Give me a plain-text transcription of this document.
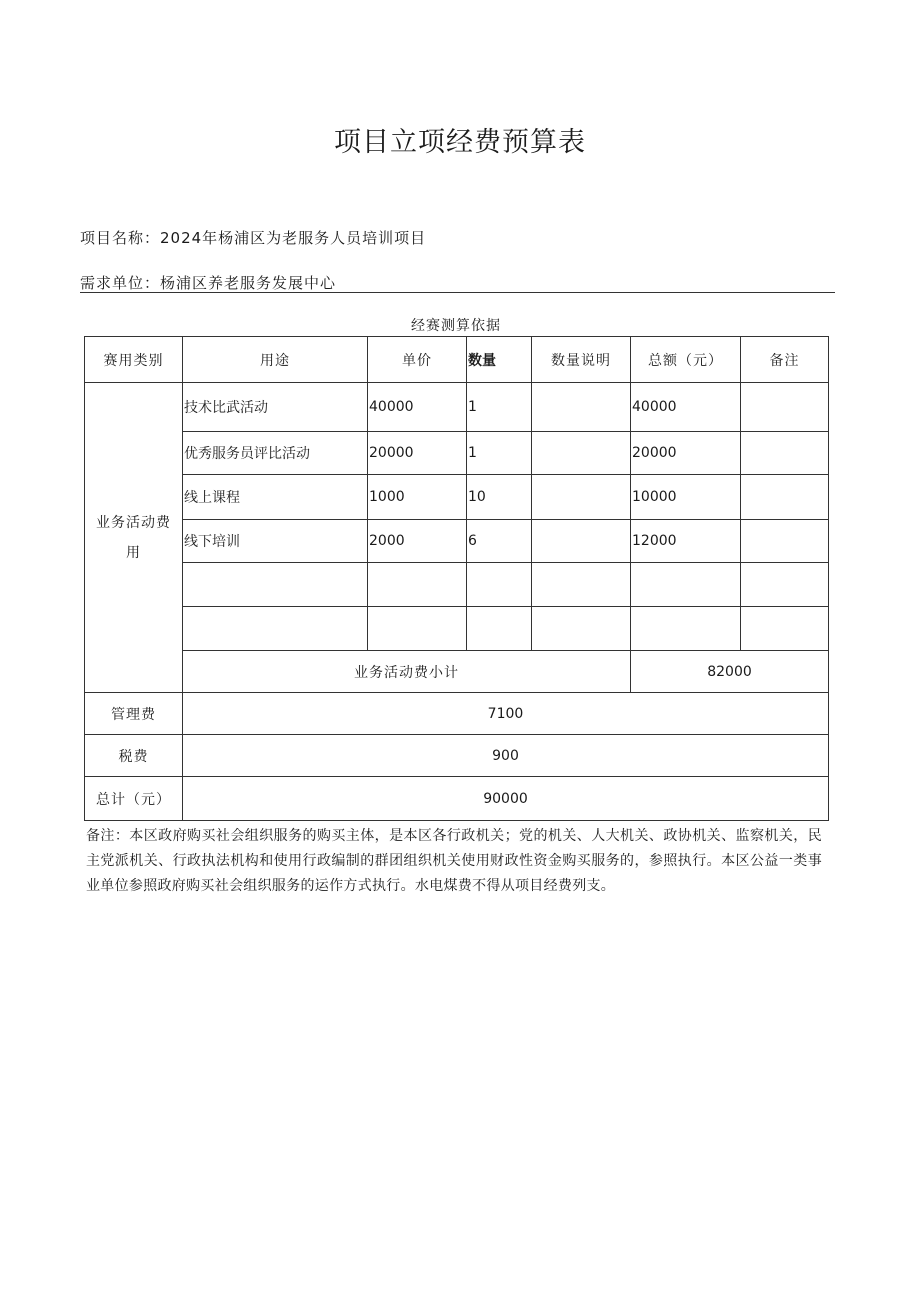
项目立项经费预算表
项目名称：2024年杨浦区为老服务人员培训项目
需求单位：杨浦区养老服务发展中心
经赛测算依据
赛用类别	用途	单价	数量	数量说明	总额（元）	备注
业务活动费用	技术比武活动	40000	1		40000	
	优秀服务员评比活动	20000	1		20000	
	线上课程	1000	10		10000	
	线下培训	2000	6		12000	

	业务活动费小计				82000	
管理费	7100					
税费	900					
总计（元）	90000					
备注：本区政府购买社会组织服务的购买主体，是本区各行政机关；党的机关、人大机关、政协机关、监察机关，民主党派机关、行政执法机构和使用行政编制的群团组织机关使用财政性资金购买服务的，参照执行。本区公益一类事业单位参照政府购买社会组织服务的运作方式执行。水电煤费不得从项目经费列支。
